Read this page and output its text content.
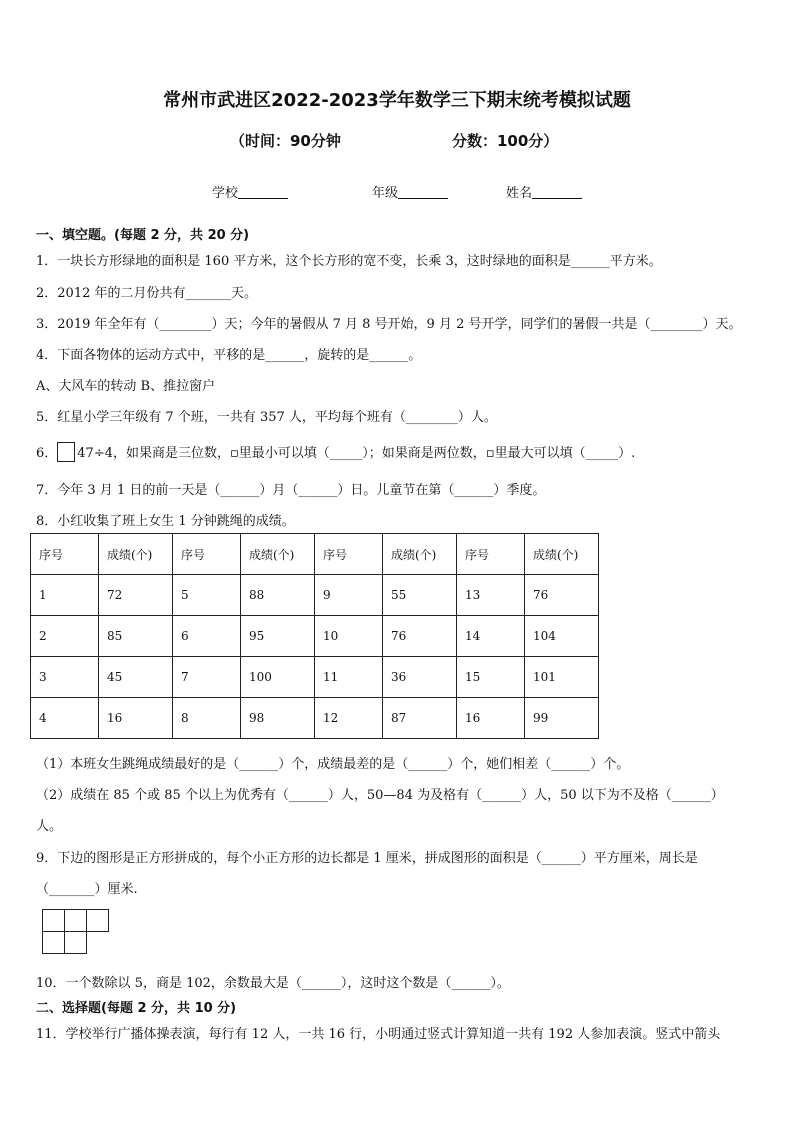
常州市武进区2022-2023学年数学三下期末统考模拟试题
（时间：90分钟	分数：100分）
学校	年级	姓名
一、填空题。(每题 2 分，共 20 分)
1．一块长方形绿地的面积是 160 平方米，这个长方形的宽不变，长乘 3，这时绿地的面积是______平方米。
2．2012 年的二月份共有_______天。
3．2019 年全年有（________）天；今年的暑假从 7 月 8 号开始，9 月 2 号开学，同学们的暑假一共是（________）天。
4．下面各物体的运动方式中，平移的是______，旋转的是______。
A、大风车的转动 B、推拉窗户
5．红星小学三年级有 7 个班，一共有 357 人，平均每个班有（________）人。
6． 47÷4，如果商是三位数，▫里最小可以填（_____）；如果商是两位数，▫里最大可以填（_____）.
7．今年 3 月 1 日的前一天是（______）月（______）日。儿童节在第（______）季度。
8．小红收集了班上女生 1 分钟跳绳的成绩。
序号	成绩(个)	序号	成绩(个)	序号	成绩(个)	序号	成绩(个)
1	72	5	88	9	55	13	76
2	85	6	95	10	76	14	104
3	45	7	100	11	36	15	101
4	16	8	98	12	87	16	99
（1）本班女生跳绳成绩最好的是（______）个，成绩最差的是（______）个，她们相差（______）个。
（2）成绩在 85 个或 85 个以上为优秀有（______）人，50—84 为及格有（______）人，50 以下为不及格（______）
人。
9．下边的图形是正方形拼成的，每个小正方形的边长都是 1 厘米，拼成图形的面积是（______）平方厘米，周长是
（_______）厘米.
10．一个数除以 5，商是 102，余数最大是（______），这时这个数是（______）。
二、选择题(每题 2 分，共 10 分)
11．学校举行广播体操表演，每行有 12 人，一共 16 行，小明通过竖式计算知道一共有 192 人参加表演。竖式中箭头
